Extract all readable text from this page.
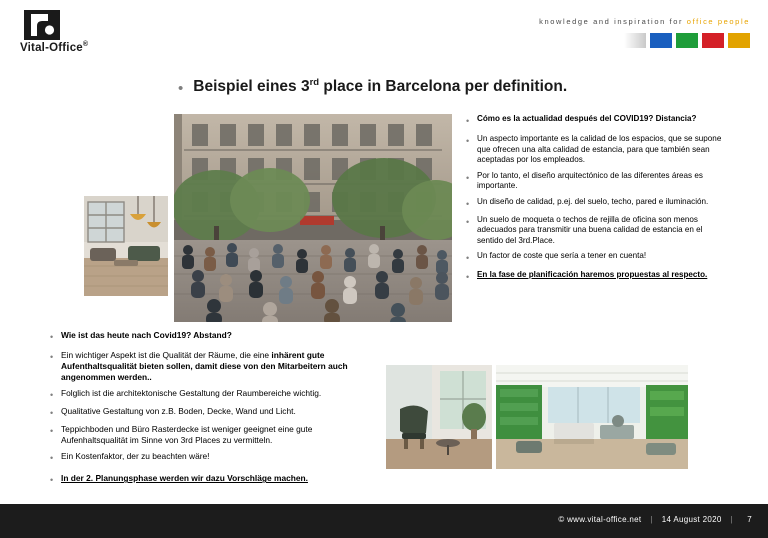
Vital-Office®
knowledge and inspiration for office people
• Beispiel eines 3rd place in Barcelona per definition.
• Cómo es la actualidad después del COVID19? Distancia?
• Un aspecto importante es la calidad de los espacios, que se supone que ofrecen una alta calidad de estancia, para que también sean aceptadas por los empleados.
• Por lo tanto, el diseño arquitectónico de las diferentes áreas es importante.
• Un diseño de calidad, p.ej. del suelo, techo, pared e iluminación.
• Un suelo de moqueta o techos de rejilla de oficina son menos adecuados para transmitir una buena calidad de estancia en el sentido del 3rd.Place.
• Un factor de coste que sería a tener en cuenta!
• En la fase de planificación haremos propuestas al respecto.
• Wie ist das heute nach Covid19? Abstand?
• Ein wichtiger Aspekt ist die Qualität der Räume, die eine inhärent gute Aufenthaltsqualität bieten sollen, damit diese von den Mitarbeitern auch angenommen werden..
• Folglich ist die architektonische Gestaltung der Raumbereiche wichtig.
• Qualitative Gestaltung von z.B. Boden, Decke, Wand und Licht.
• Teppichboden und Büro Rasterdecke ist weniger geeignet eine gute Aufenhaltsqualität im Sinne von 3rd Places zu vermitteln.
• Ein Kostenfaktor, der zu beachten wäre!
• In der 2. Planungsphase werden wir dazu Vorschläge machen.
© www.vital-office.net | 14 August 2020 |	7
